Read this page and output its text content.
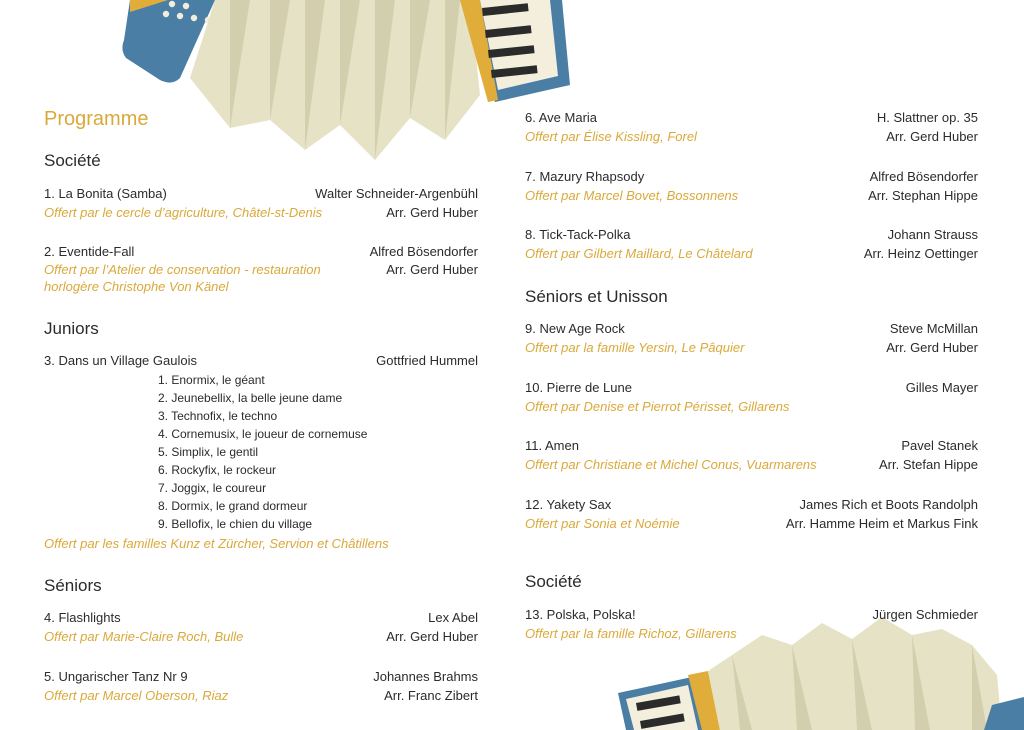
Programme
Société
1. La Bonita (Samba)	Walter Schneider-Argenbühl
Offert par le cercle d’agriculture, Châtel-st-Denis	Arr. Gerd Huber
2. Eventide-Fall	Alfred Bösendorfer
Offert par l’Atelier de conservation - restauration	Arr. Gerd Huber
horlogère Christophe Von Känel
Juniors
3. Dans un Village Gaulois	Gottfried Hummel
1. Enormix, le géant
2. Jeunebellix, la belle jeune dame
3. Technofix, le techno
4. Cornemusix, le joueur de cornemuse
5. Simplix, le gentil
6. Rockyfix, le rockeur
7. Joggix, le coureur
8. Dormix, le grand dormeur
9. Bellofix, le chien du village
Offert par les familles Kunz et Zürcher, Servion et Châtillens
Séniors
4. Flashlights	Lex Abel
Offert par Marie-Claire Roch, Bulle	Arr. Gerd Huber
5. Ungarischer Tanz Nr 9	Johannes Brahms
Offert par Marcel Oberson, Riaz	Arr. Franc Zibert
6. Ave Maria	H. Slattner op. 35
Offert par Élise Kissling, Forel	Arr. Gerd Huber
7. Mazury Rhapsody	Alfred Bösendorfer
Offert par Marcel Bovet, Bossonnens	Arr. Stephan Hippe
8. Tick-Tack-Polka	Johann Strauss
Offert par Gilbert Maillard, Le Châtelard	Arr. Heinz Oettinger
Séniors et Unisson
9. New Age Rock	Steve McMillan
Offert par la famille Yersin, Le Pâquier	Arr. Gerd Huber
10. Pierre de Lune	Gilles Mayer
Offert par Denise et Pierrot Périsset, Gillarens
11. Amen	Pavel Stanek
Offert par Christiane et Michel Conus, Vuarmarens	Arr. Stefan Hippe
12. Yakety Sax	James Rich et Boots Randolph
Offert par Sonia et Noémie	Arr. Hamme Heim et Markus Fink
Société
13. Polska, Polska!	Jürgen Schmieder
Offert par la famille Richoz, Gillarens
